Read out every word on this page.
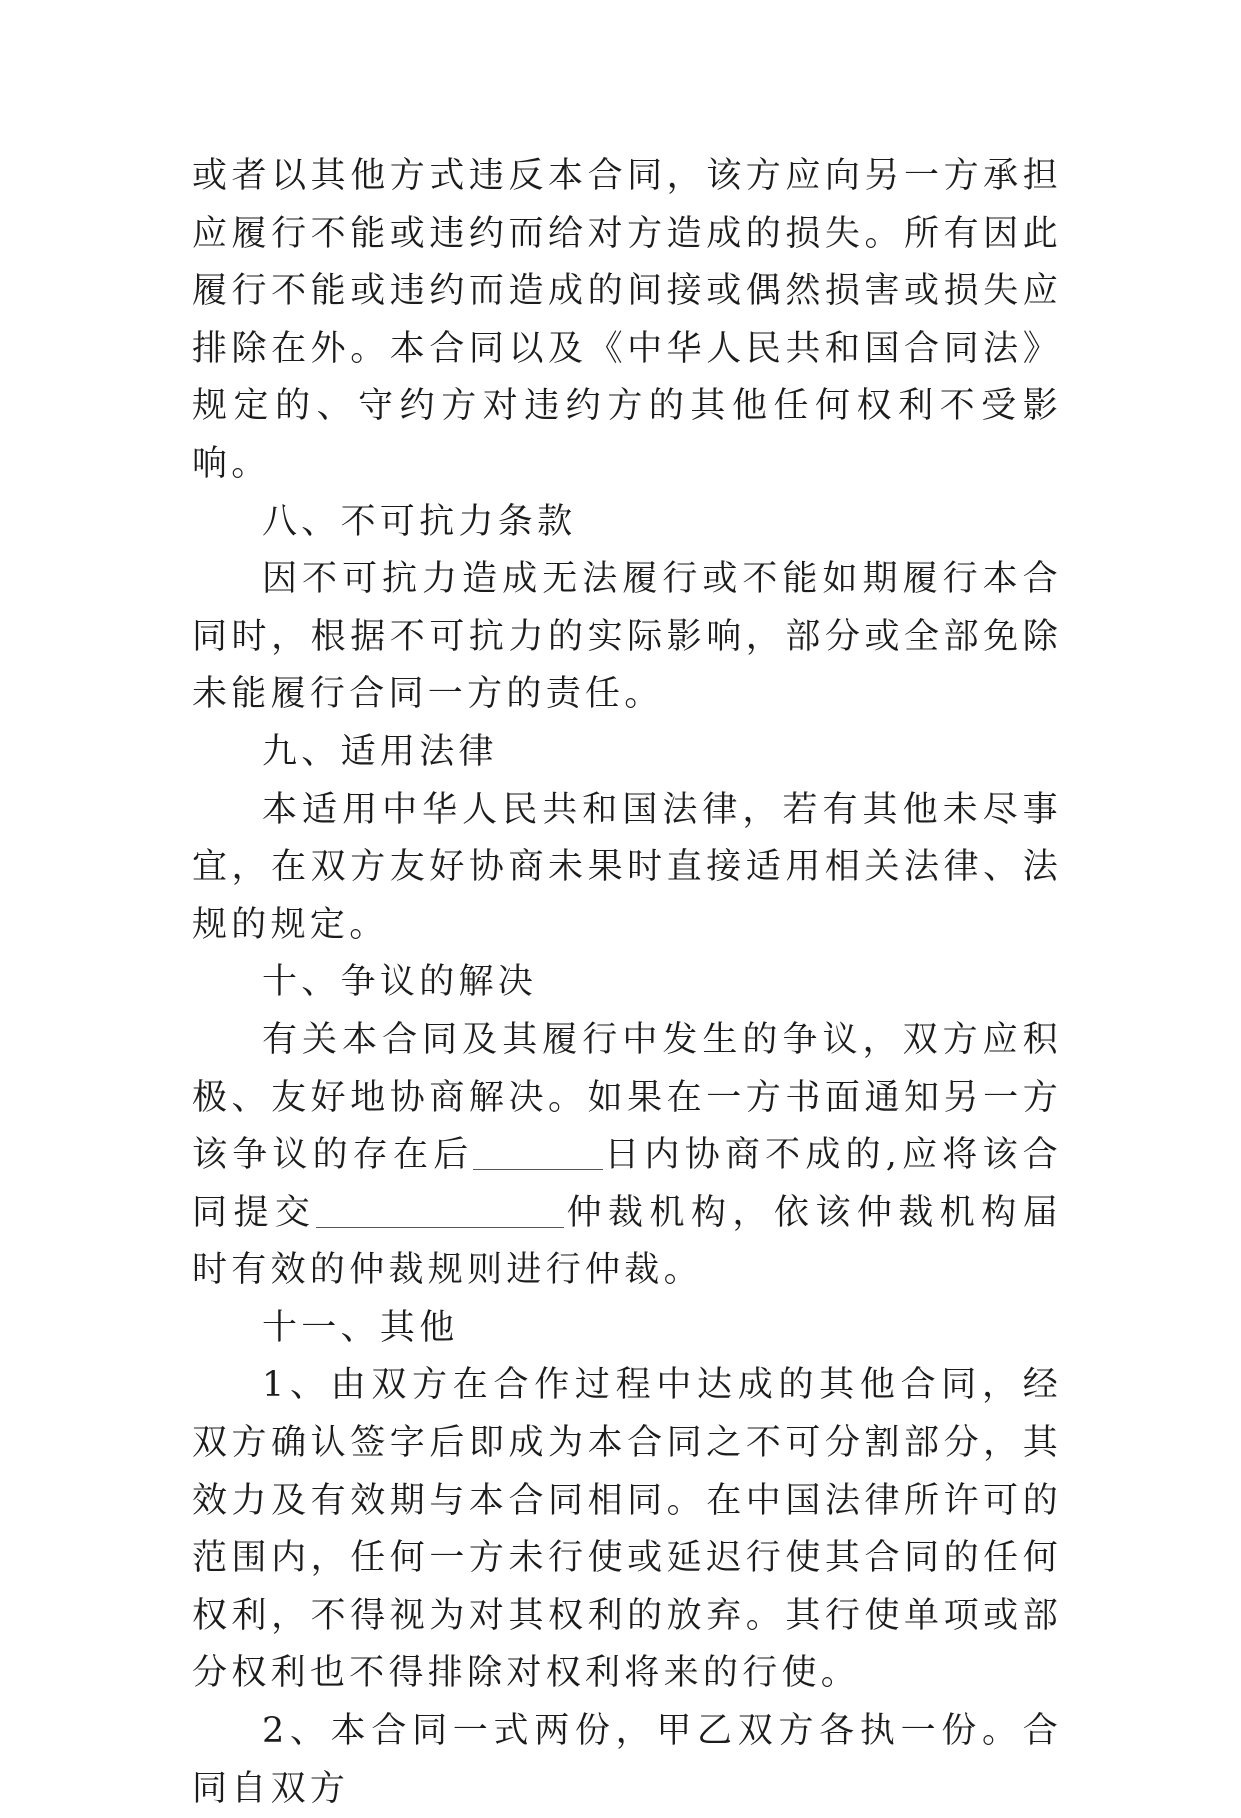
或者以其他方式违反本合同，该方应向另一方承担应履行不能或违约而给对方造成的损失。所有因此履行不能或违约而造成的间接或偶然损害或损失应排除在外。本合同以及《中华人民共和国合同法》规定的、守约方对违约方的其他任何权利不受影响。

八、不可抗力条款

因不可抗力造成无法履行或不能如期履行本合同时，根据不可抗力的实际影响，部分或全部免除未能履行合同一方的责任。

九、适用法律

本适用中华人民共和国法律，若有其他未尽事宜，在双方友好协商未果时直接适用相关法律、法规的规定。

十、争议的解决

有关本合同及其履行中发生的争议，双方应积极、友好地协商解决。如果在一方书面通知另一方该争议的存在后	日内协商不成的,应将该合同提交	仲裁机构，依该仲裁机构届时有效的仲裁规则进行仲裁。

十一、其他

1、由双方在合作过程中达成的其他合同，经双方确认签字后即成为本合同之不可分割部分，其效力及有效期与本合同相同。在中国法律所许可的范围内，任何一方未行使或延迟行使其合同的任何权利，不得视为对其权利的放弃。其行使单项或部分权利也不得排除对权利将来的行使。

2、本合同一式两份，甲乙双方各执一份。合同自双方
